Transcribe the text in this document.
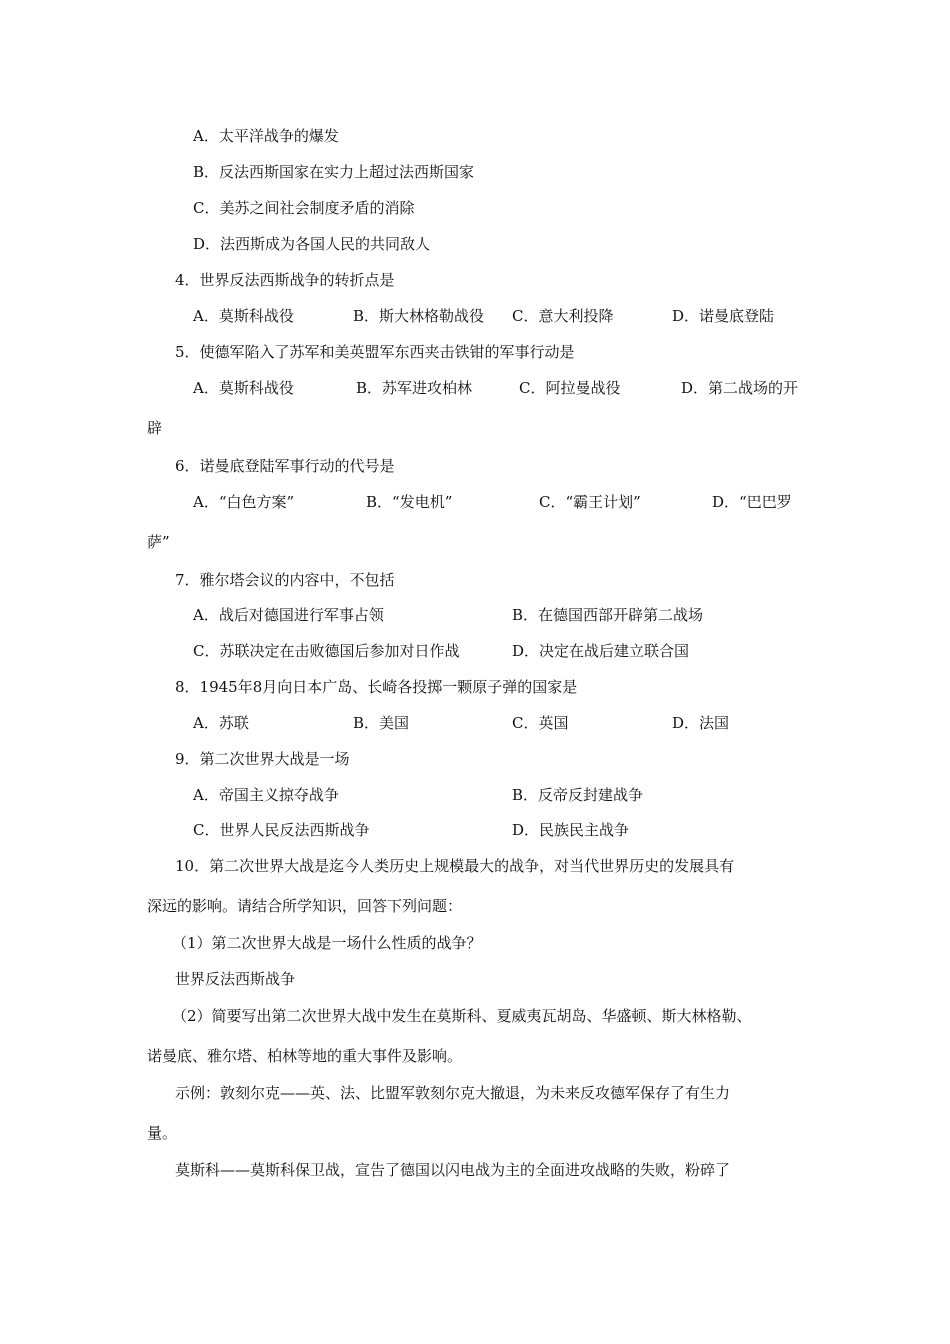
A．太平洋战争的爆发
B．反法西斯国家在实力上超过法西斯国家
C．美苏之间社会制度矛盾的消除
D．法西斯成为各国人民的共同敌人
4．世界反法西斯战争的转折点是
A．莫斯科战役	B．斯大林格勒战役 C．意大利投降	D．诺曼底登陆
5．使德军陷入了苏军和美英盟军东西夹击铁钳的军事行动是
A．莫斯科战役	B．苏军进攻柏林	C．阿拉曼战役	D．第二战场的开
辟
6．诺曼底登陆军事行动的代号是
A．“白色方案”	B．“发电机”	C．“霸王计划”	D．“巴巴罗
萨”
7．雅尔塔会议的内容中，不包括
A．战后对德国进行军事占领	B．在德国西部开辟第二战场
C．苏联决定在击败德国后参加对日作战	D．决定在战后建立联合国
8．1945年8月向日本广岛、长崎各投掷一颗原子弹的国家是
A．苏联	B．美国	C．英国	D．法国
9．第二次世界大战是一场
A．帝国主义掠夺战争	B．反帝反封建战争
C．世界人民反法西斯战争	D．民族民主战争
10．第二次世界大战是迄今人类历史上规模最大的战争，对当代世界历史的发展具有
深远的影响。请结合所学知识，回答下列问题：
（1）第二次世界大战是一场什么性质的战争？
世界反法西斯战争
（2）简要写出第二次世界大战中发生在莫斯科、夏威夷瓦胡岛、华盛顿、斯大林格勒、
诺曼底、雅尔塔、柏林等地的重大事件及影响。
示例：敦刻尔克——英、法、比盟军敦刻尔克大撤退，为未来反攻德军保存了有生力
量。
莫斯科——莫斯科保卫战，宣告了德国以闪电战为主的全面进攻战略的失败，粉碎了
